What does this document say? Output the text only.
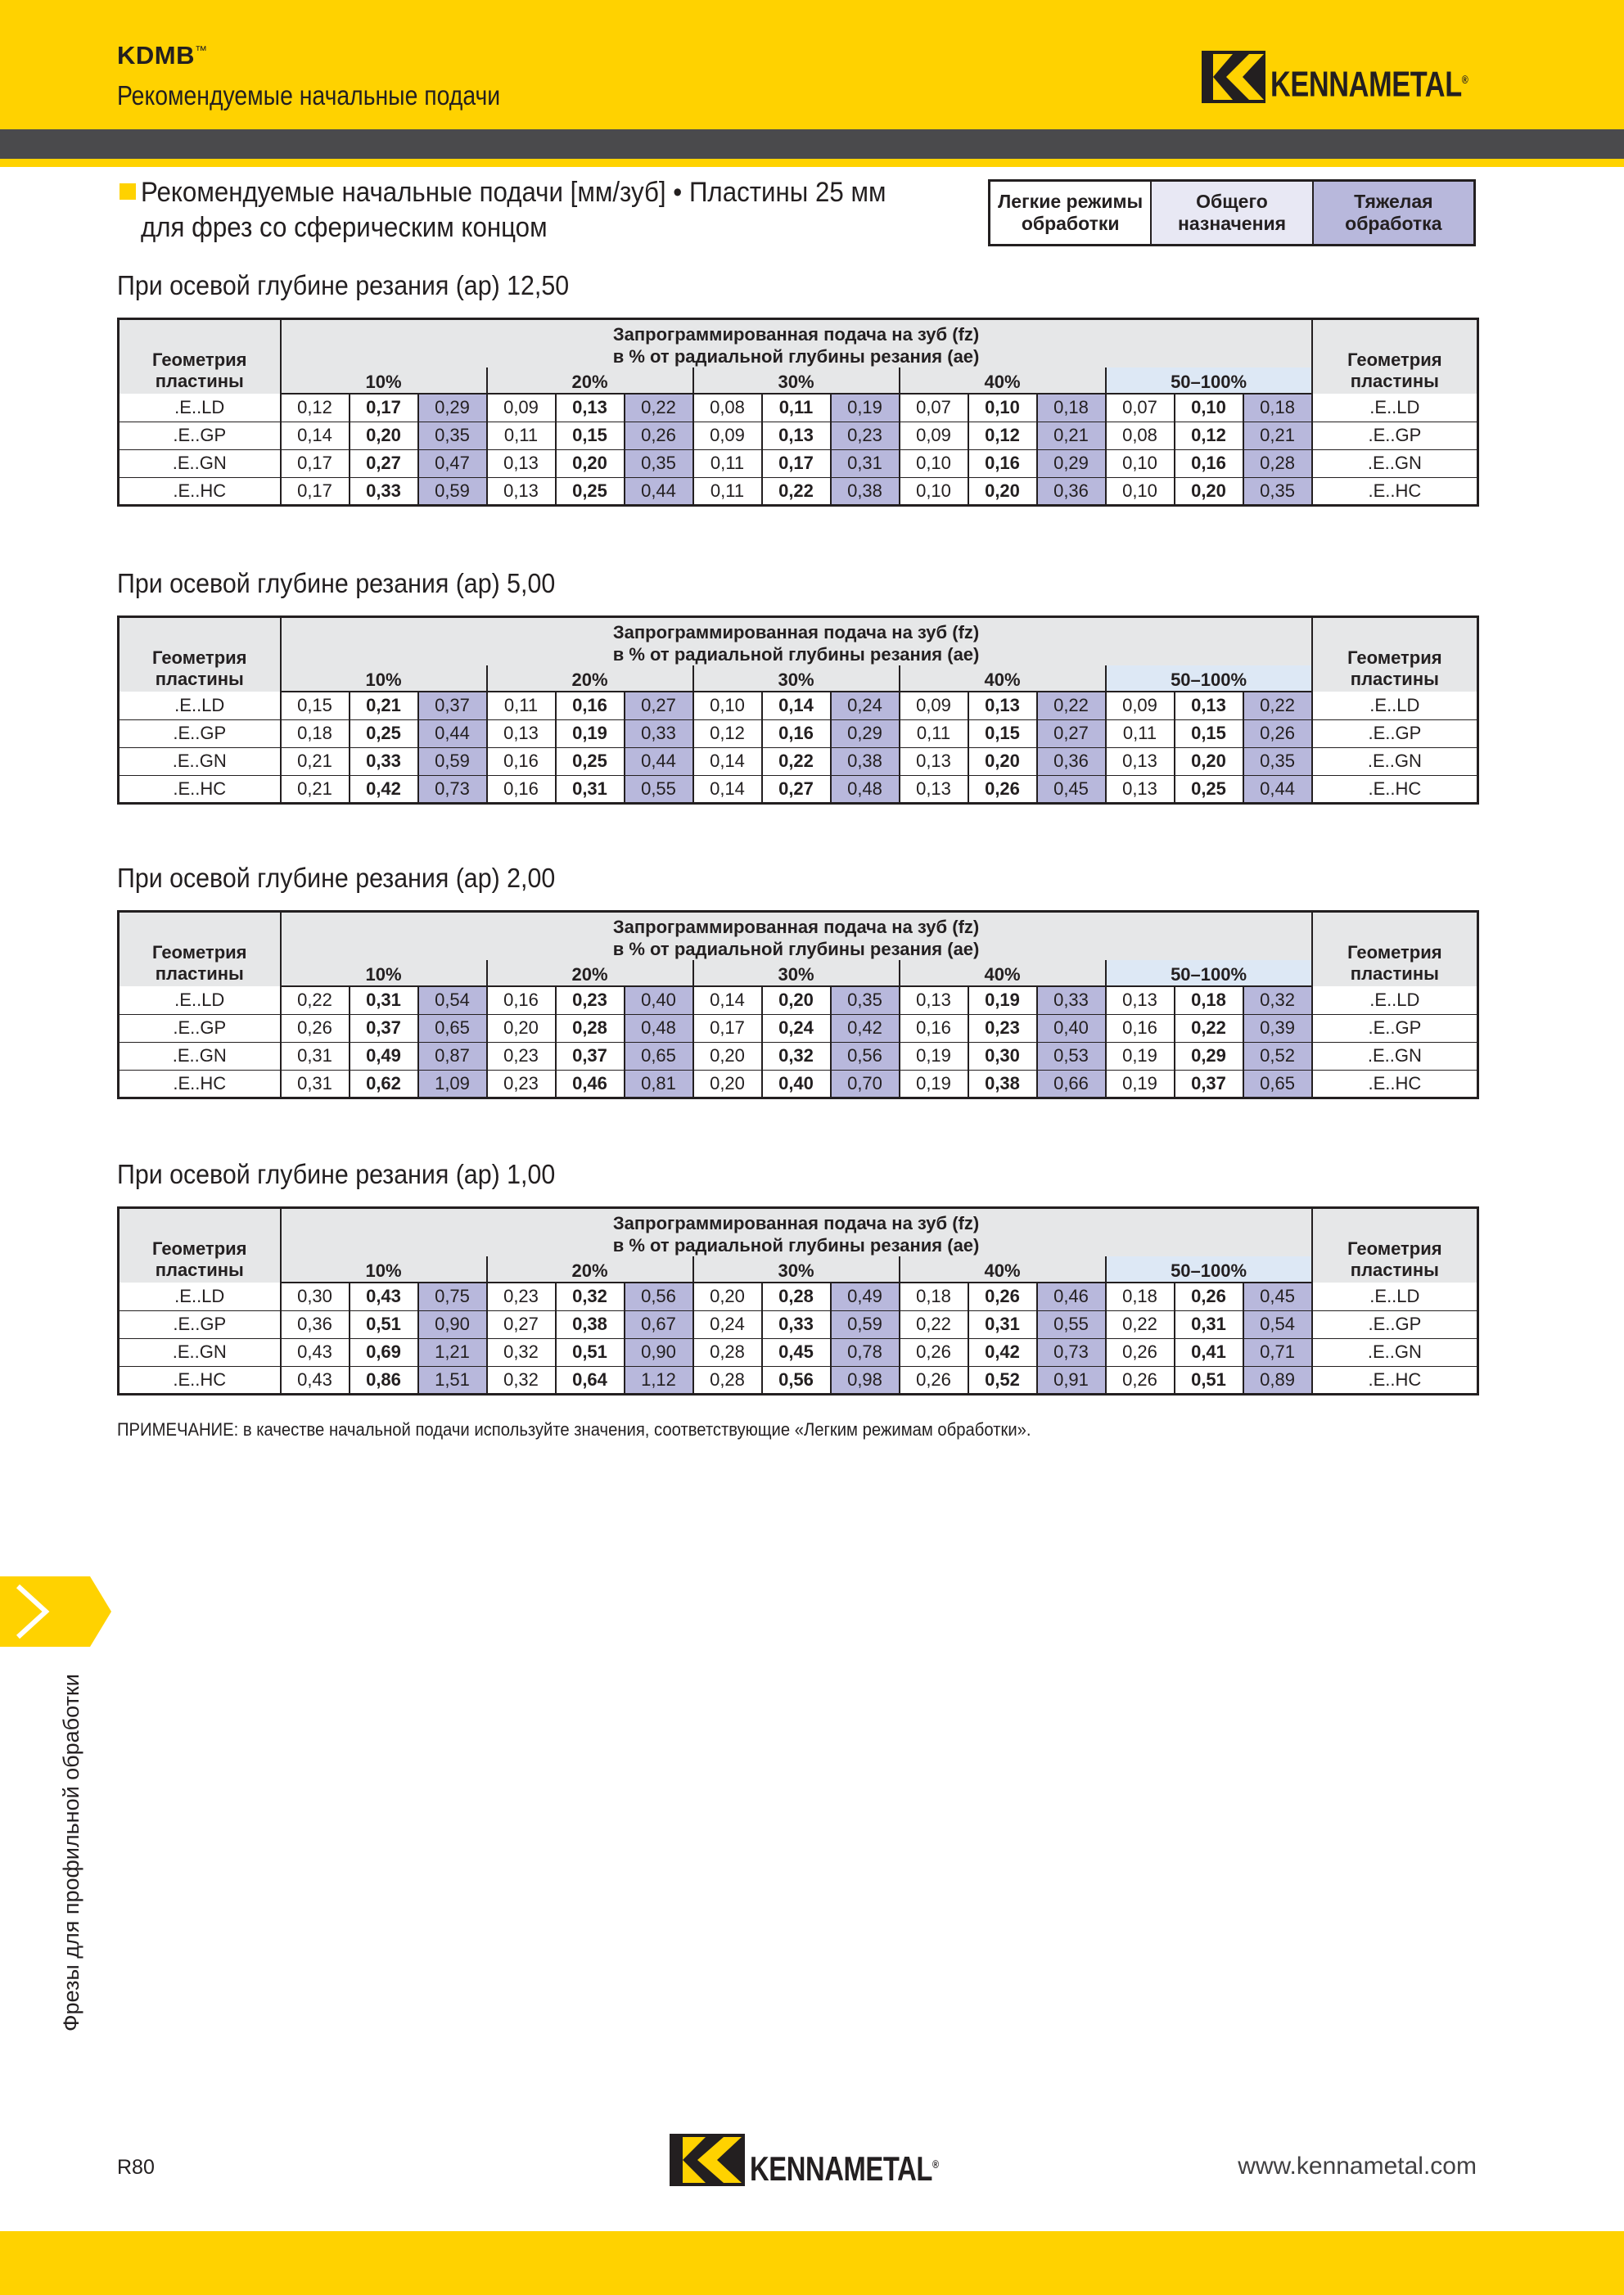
KDMB™
Рекомендуемые начальные подачи	KENNAMETAL®
Рекомендуемые начальные подачи [мм/зуб] • Пластины 25 мм
для фрез со сферическим концом
Легкие режимы обработки
Общего назначения
Тяжелая обработка
При осевой глубине резания (ap) 12,50
Геометрия пластины	Запрограммированная подача на зуб (fz)
в % от радиальной глубины резания (ae)															Геометрия пластины
	10%			20%			30%			40%			50–100%			
.E..LD	0,12	0,17	0,29	0,09	0,13	0,22	0,08	0,11	0,19	0,07	0,10	0,18	0,07	0,10	0,18	.E..LD
.E..GP	0,14	0,20	0,35	0,11	0,15	0,26	0,09	0,13	0,23	0,09	0,12	0,21	0,08	0,12	0,21	.E..GP
.E..GN	0,17	0,27	0,47	0,13	0,20	0,35	0,11	0,17	0,31	0,10	0,16	0,29	0,10	0,16	0,28	.E..GN
.E..HC	0,17	0,33	0,59	0,13	0,25	0,44	0,11	0,22	0,38	0,10	0,20	0,36	0,10	0,20	0,35	.E..HC
При осевой глубине резания (ap) 5,00
Геометрия пластины	Запрограммированная подача на зуб (fz)
в % от радиальной глубины резания (ae)															Геометрия пластины
	10%			20%			30%			40%			50–100%			
.E..LD	0,15	0,21	0,37	0,11	0,16	0,27	0,10	0,14	0,24	0,09	0,13	0,22	0,09	0,13	0,22	.E..LD
.E..GP	0,18	0,25	0,44	0,13	0,19	0,33	0,12	0,16	0,29	0,11	0,15	0,27	0,11	0,15	0,26	.E..GP
.E..GN	0,21	0,33	0,59	0,16	0,25	0,44	0,14	0,22	0,38	0,13	0,20	0,36	0,13	0,20	0,35	.E..GN
.E..HC	0,21	0,42	0,73	0,16	0,31	0,55	0,14	0,27	0,48	0,13	0,26	0,45	0,13	0,25	0,44	.E..HC
При осевой глубине резания (ap) 2,00
Геометрия пластины	Запрограммированная подача на зуб (fz)
в % от радиальной глубины резания (ae)															Геометрия пластины
	10%			20%			30%			40%			50–100%			
.E..LD	0,22	0,31	0,54	0,16	0,23	0,40	0,14	0,20	0,35	0,13	0,19	0,33	0,13	0,18	0,32	.E..LD
.E..GP	0,26	0,37	0,65	0,20	0,28	0,48	0,17	0,24	0,42	0,16	0,23	0,40	0,16	0,22	0,39	.E..GP
.E..GN	0,31	0,49	0,87	0,23	0,37	0,65	0,20	0,32	0,56	0,19	0,30	0,53	0,19	0,29	0,52	.E..GN
.E..HC	0,31	0,62	1,09	0,23	0,46	0,81	0,20	0,40	0,70	0,19	0,38	0,66	0,19	0,37	0,65	.E..HC
При осевой глубине резания (ap) 1,00
Геометрия пластины	Запрограммированная подача на зуб (fz)
в % от радиальной глубины резания (ae)															Геометрия пластины
	10%			20%			30%			40%			50–100%			
.E..LD	0,30	0,43	0,75	0,23	0,32	0,56	0,20	0,28	0,49	0,18	0,26	0,46	0,18	0,26	0,45	.E..LD
.E..GP	0,36	0,51	0,90	0,27	0,38	0,67	0,24	0,33	0,59	0,22	0,31	0,55	0,22	0,31	0,54	.E..GP
.E..GN	0,43	0,69	1,21	0,32	0,51	0,90	0,28	0,45	0,78	0,26	0,42	0,73	0,26	0,41	0,71	.E..GN
.E..HC	0,43	0,86	1,51	0,32	0,64	1,12	0,28	0,56	0,98	0,26	0,52	0,91	0,26	0,51	0,89	.E..HC
ПРИМЕЧАНИЕ: в качестве начальной подачи используйте значения, соответствующие «Легким режимам обработки».
Фрезы для профильной обработки
R80	KENNAMETAL®	www.kennametal.com
